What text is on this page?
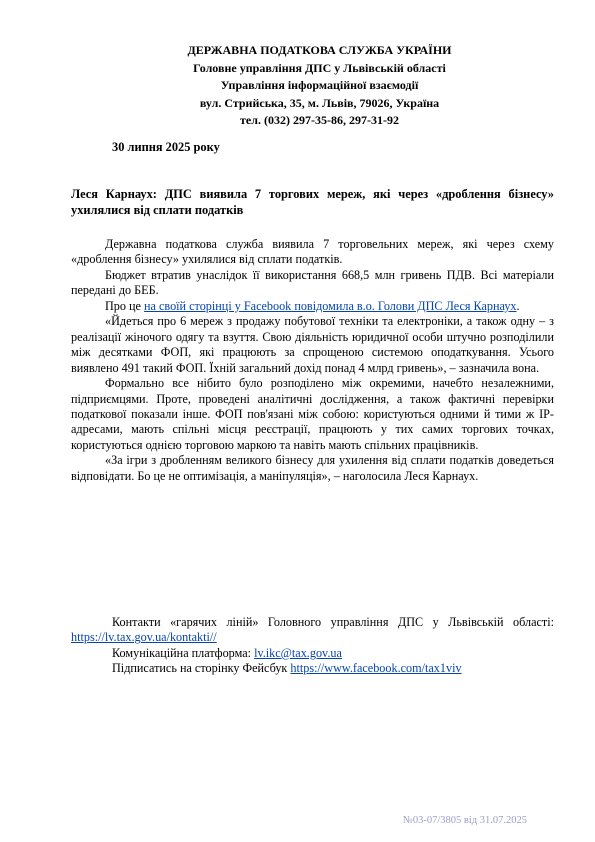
ДЕРЖАВНА ПОДАТКОВА СЛУЖБА УКРАЇНИ
Головне управління ДПС у Львівській області
Управління інформаційної взаємодії
вул. Стрийська, 35, м. Львів, 79026, Україна
тел. (032) 297-35-86, 297-31-92
30 липня 2025 року
Леся Карнаух: ДПС виявила 7 торгових мереж, які через «дроблення бізнесу» ухилялися від сплати податків

Державна податкова служба виявила 7 торговельних мереж, які через схему «дроблення бізнесу» ухилялися від сплати податків.

Бюджет втратив унаслідок її використання 668,5 млн гривень ПДВ. Всі матеріали передані до БЕБ.

Про це на своїй сторінці у Facebook повідомила в.о. Голови ДПС Леся Карнаух.

«Йдеться про 6 мереж з продажу побутової техніки та електроніки, а також одну – з реалізації жіночого одягу та взуття. Свою діяльність юридичної особи штучно розподілили між десятками ФОП, які працюють за спрощеною системою оподаткування. Усього виявлено 491 такий ФОП. Їхній загальний дохід понад 4 млрд гривень», – зазначила вона.

Формально все нібито було розподілено між окремими, начебто незалежними, підприємцями. Проте, проведені аналітичні дослідження, а також фактичні перевірки податкової показали інше. ФОП пов'язані між собою: користуються одними й тими ж IP-адресами, мають спільні місця реєстрації, працюють у тих самих торгових точках, користуються однією торговою маркою та навіть мають спільних працівників.

«За ігри з дробленням великого бізнесу для ухилення від сплати податків доведеться відповідати. Бо це не оптимізація, а маніпуляція», – наголосила Леся Карнаух.

Контакти «гарячих ліній» Головного управління ДПС у Львівській області: https://lv.tax.gov.ua/kontakti//

Комунікаційна платформа: lv.ikc@tax.gov.ua

Підписатись на сторінку Фейсбук https://www.facebook.com/tax1viv

№03-07/3805 від 31.07.2025
